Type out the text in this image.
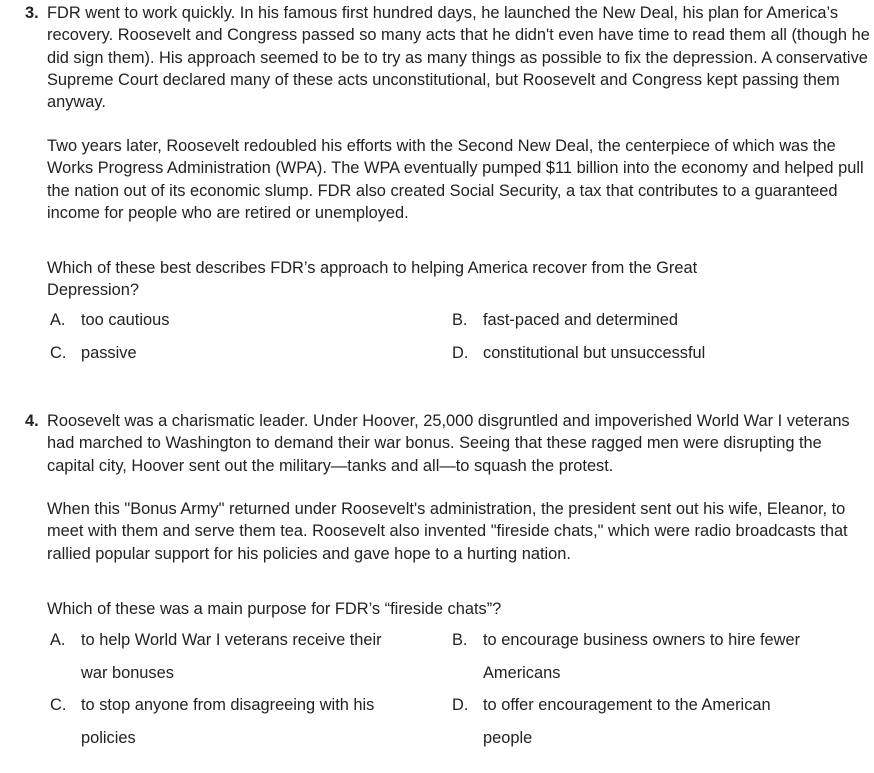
3. FDR went to work quickly. In his famous first hundred days, he launched the New Deal, his plan for America’s recovery. Roosevelt and Congress passed so many acts that he didn't even have time to read them all (though he did sign them). His approach seemed to be to try as many things as possible to fix the depression. A conservative Supreme Court declared many of these acts unconstitutional, but Roosevelt and Congress kept passing them anyway.

Two years later, Roosevelt redoubled his efforts with the Second New Deal, the centerpiece of which was the Works Progress Administration (WPA). The WPA eventually pumped $11 billion into the economy and helped pull the nation out of its economic slump. FDR also created Social Security, a tax that contributes to a guaranteed income for people who are retired or unemployed.

Which of these best describes FDR’s approach to helping America recover from the Great Depression?

A. too cautious	B. fast-paced and determined
C. passive	D. constitutional but unsuccessful
4. Roosevelt was a charismatic leader. Under Hoover, 25,000 disgruntled and impoverished World War I veterans had marched to Washington to demand their war bonus. Seeing that these ragged men were disrupting the capital city, Hoover sent out the military—tanks and all—to squash the protest.

When this "Bonus Army" returned under Roosevelt's administration, the president sent out his wife, Eleanor, to meet with them and serve them tea. Roosevelt also invented "fireside chats," which were radio broadcasts that rallied popular support for his policies and gave hope to a hurting nation.

Which of these was a main purpose for FDR’s “fireside chats”?

A. to help World War I veterans receive their war bonuses
B. to encourage business owners to hire fewer Americans
C. to stop anyone from disagreeing with his policies
D. to offer encouragement to the American people
